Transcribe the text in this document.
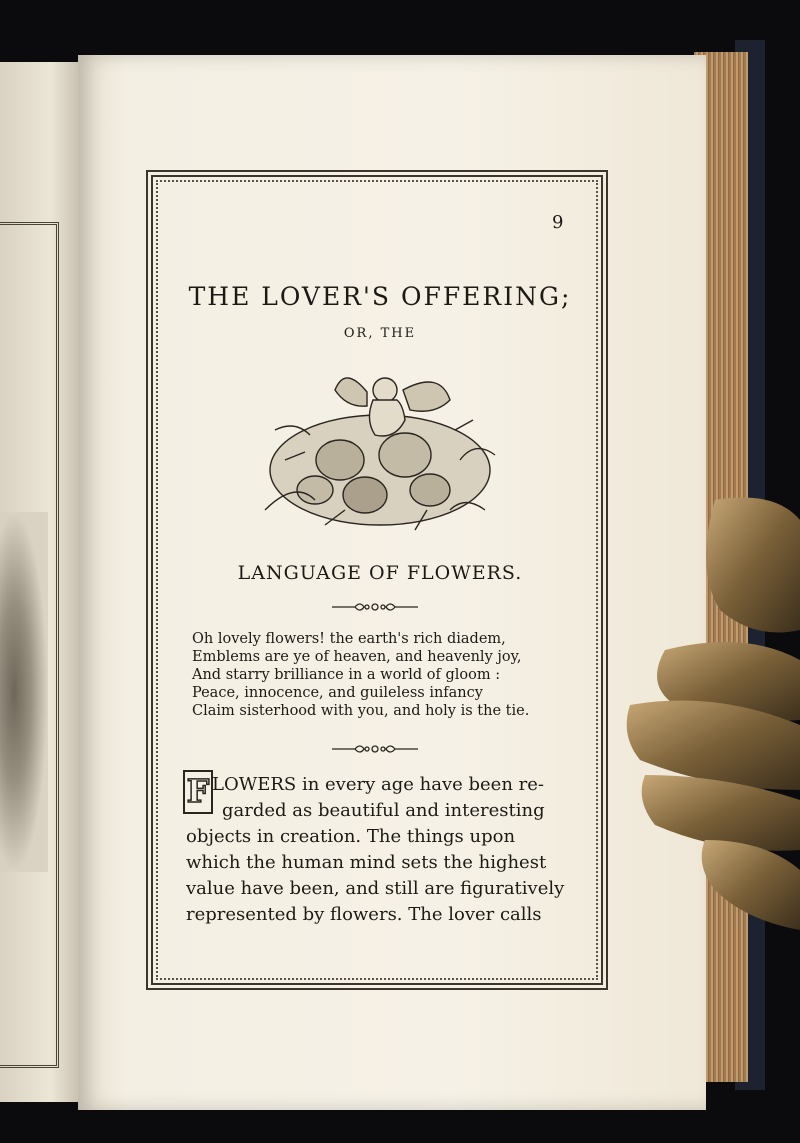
9
THE LOVER'S OFFERING;
OR, THE
LANGUAGE OF FLOWERS.
Oh lovely flowers! the earth's rich diadem,
Emblems are ye of heaven, and heavenly joy,
And starry brilliance in a world of gloom :
Peace, innocence, and guileless infancy
Claim sisterhood with you, and holy is the tie.
F LOWERS in every age have been re-
garded as beautiful and interesting
objects in creation. The things upon
which the human mind sets the highest
value have been, and still are figuratively
represented by flowers. The lover calls
